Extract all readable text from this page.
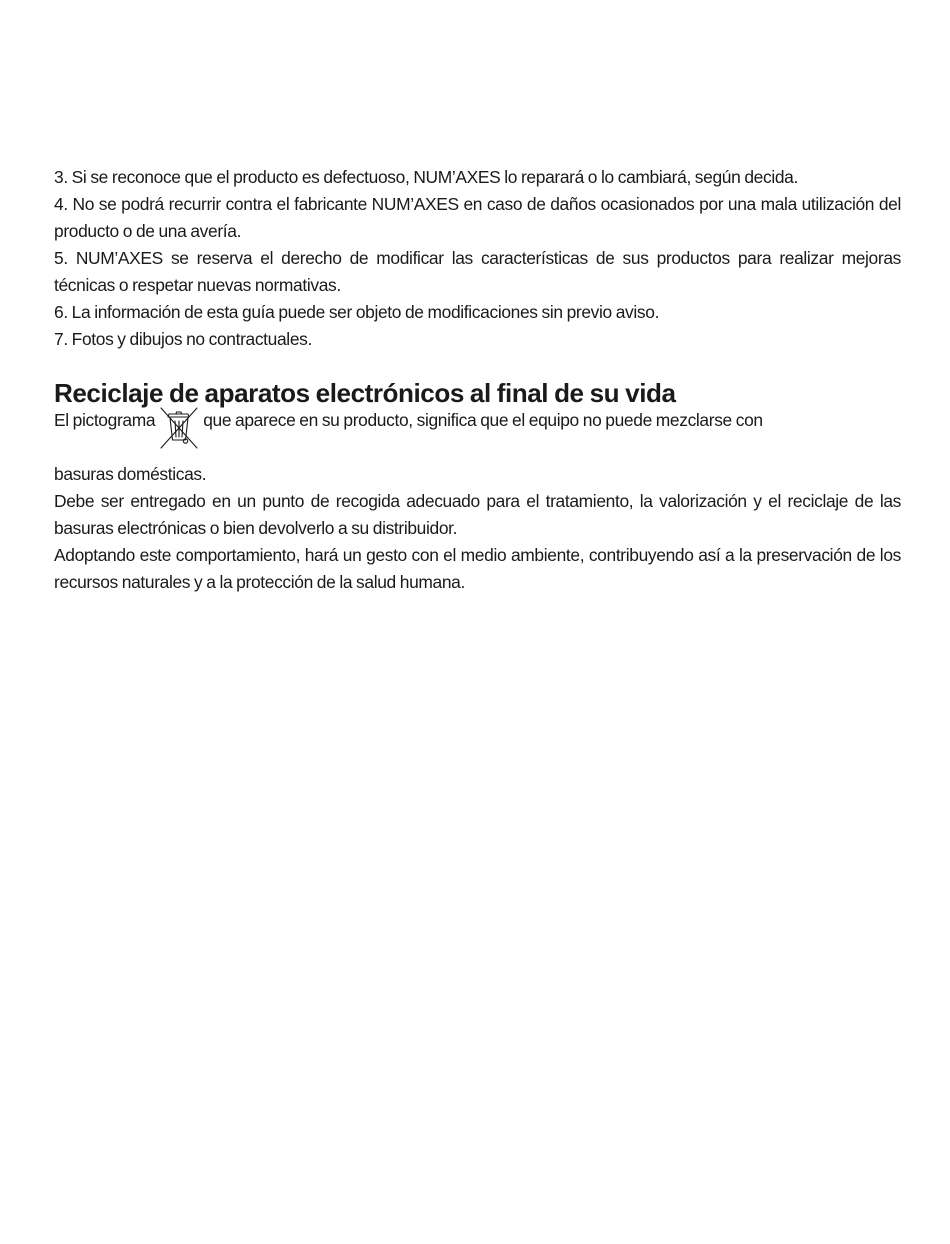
3. Si se reconoce que el producto es defectuoso, NUM’AXES lo reparará o lo cambiará, según decida.

4. No se podrá recurrir contra el fabricante NUM’AXES en caso de daños ocasionados por una mala utilización del producto o de una avería.

5. NUM’AXES se reserva el derecho de modificar las características de sus productos para realizar mejoras técnicas o respetar nuevas normativas.

6. La información de esta guía puede ser objeto de modificaciones sin previo aviso.

7. Fotos y dibujos no contractuales.

Reciclaje de aparatos electrónicos al final de su vida

El pictograma	que aparece en su producto, significa que el equipo no puede mezclarse con

basuras domésticas.

Debe ser entregado en un punto de recogida adecuado para el tratamiento, la valorización y el reciclaje de las basuras electrónicas o bien devolverlo a su distribuidor.

Adoptando este comportamiento, hará un gesto con el medio ambiente, contribuyendo así a la preservación de los recursos naturales y a la protección de la salud humana.
